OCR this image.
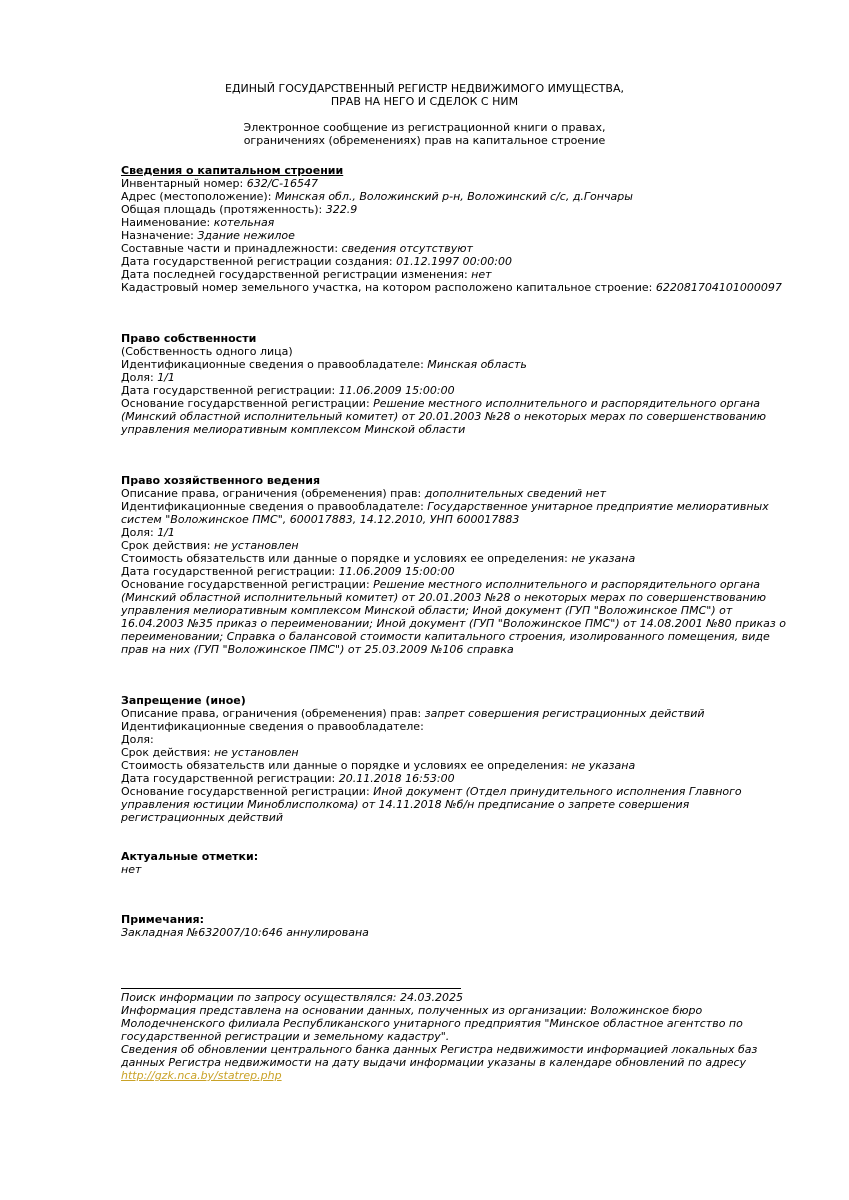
ЕДИНЫЙ ГОСУДАРСТВЕННЫЙ РЕГИСТР НЕДВИЖИМОГО ИМУЩЕСТВА,
ПРАВ НА НЕГО И СДЕЛОК С НИМ
Электронное сообщение из регистрационной книги о правах,
ограничениях (обременениях) прав на капитальное строение
Сведения о капитальном строении
Инвентарный номер: 632/C-16547
Адрес (местоположение): Минская обл., Воложинский р-н, Воложинский с/с, д.Гончары
Общая площадь (протяженность): 322.9
Наименование: котельная
Назначение: Здание нежилое
Составные части и принадлежности: сведения отсутствуют
Дата государственной регистрации создания: 01.12.1997 00:00:00
Дата последней государственной регистрации изменения: нет
Кадастровый номер земельного участка, на котором расположено капитальное строение: 622081704101000097
Право собственности
(Собственность одного лица)
Идентификационные сведения о правообладателе: Минская область
Доля: 1/1
Дата государственной регистрации: 11.06.2009 15:00:00
Основание государственной регистрации: Решение местного исполнительного и распорядительного органа (Минский областной исполнительный комитет) от 20.01.2003 №28 о некоторых мерах по совершенствованию управления мелиоративным комплексом Минской области
Право хозяйственного ведения
Описание права, ограничения (обременения) прав: дополнительных сведений нет
Идентификационные сведения о правообладателе: Государственное унитарное предприятие мелиоративных систем "Воложинское ПМС", 600017883, 14.12.2010, УНП 600017883
Доля: 1/1
Срок действия: не установлен
Стоимость обязательств или данные о порядке и условиях ее определения: не указана
Дата государственной регистрации: 11.06.2009 15:00:00
Основание государственной регистрации: Решение местного исполнительного и распорядительного органа (Минский областной исполнительный комитет) от 20.01.2003 №28 о некоторых мерах по совершенствованию управления мелиоративным комплексом Минской области; Иной документ (ГУП "Воложинское ПМС") от 16.04.2003 №35 приказ о переименовании; Иной документ (ГУП "Воложинское ПМС") от 14.08.2001 №80 приказ о переименовании; Справка о балансовой стоимости капитального строения, изолированного помещения, виде прав на них (ГУП "Воложинское ПМС") от 25.03.2009 №106 справка
Запрещение (иное)
Описание права, ограничения (обременения) прав: запрет совершения регистрационных действий
Идентификационные сведения о правообладателе:
Доля:
Срок действия: не установлен
Стоимость обязательств или данные о порядке и условиях ее определения: не указана
Дата государственной регистрации: 20.11.2018 16:53:00
Основание государственной регистрации: Иной документ (Отдел принудительного исполнения Главного управления юстиции Миноблисполкома) от 14.11.2018 №б/н предписание о запрете совершения регистрационных действий
Актуальные отметки:
нет
Примечания:
Закладная №632007/10:646 аннулирована
Поиск информации по запросу осуществлялся: 24.03.2025
Информация представлена на основании данных, полученных из организации: Воложинское бюро Молодечненского филиала Республиканского унитарного предприятия "Минское областное агентство по государственной регистрации и земельному кадастру".
Сведения об обновлении центрального банка данных Регистра недвижимости информацией локальных баз данных Регистра недвижимости на дату выдачи информации указаны в календаре обновлений по адресу http://gzk.nca.by/statrep.php
